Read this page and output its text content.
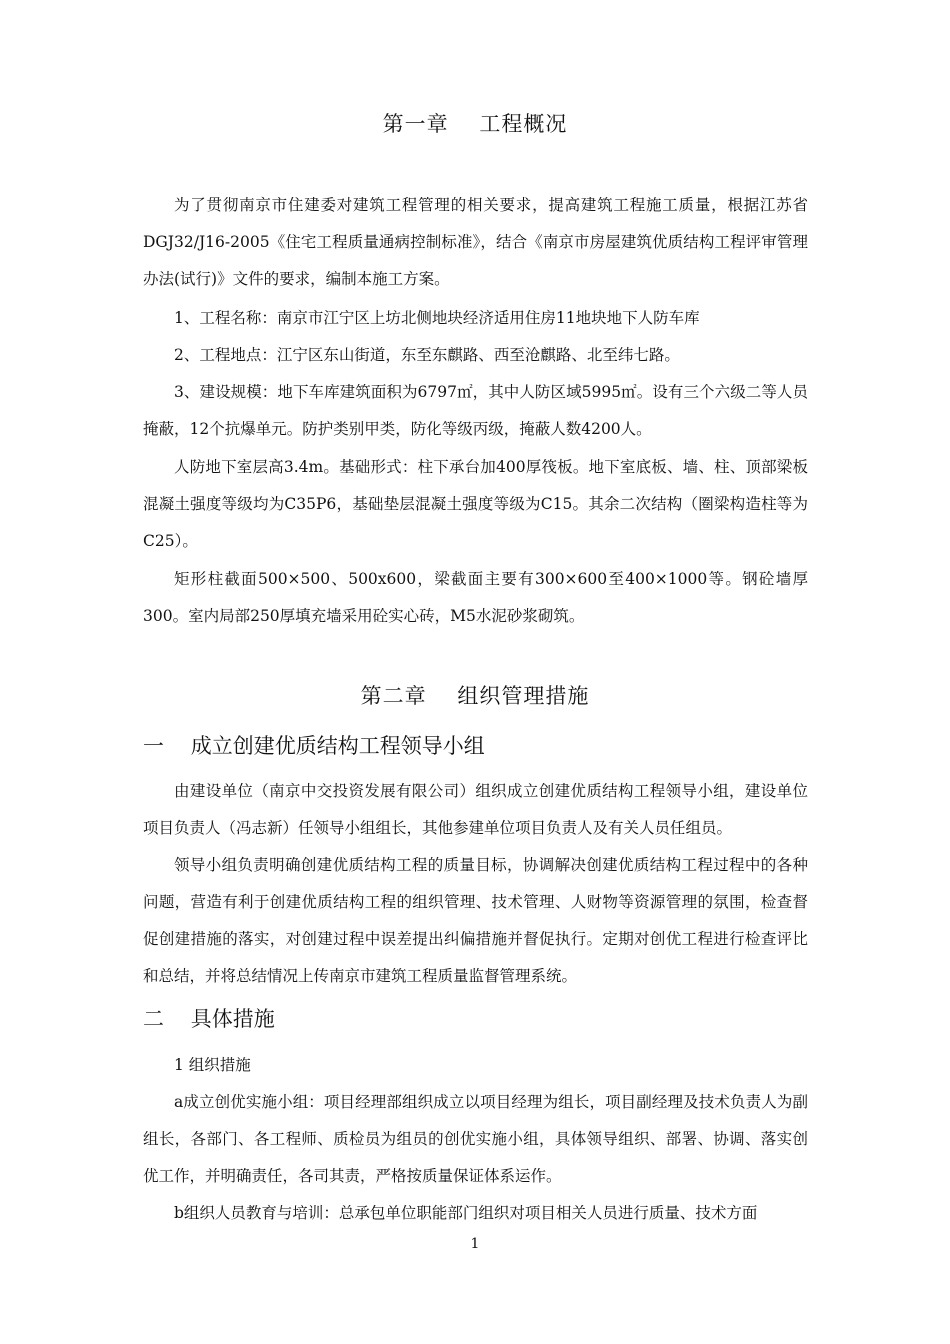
第一章    工程概况
为了贯彻南京市住建委对建筑工程管理的相关要求，提高建筑工程施工质量，根据江苏省DGJ32/J16-2005《住宅工程质量通病控制标准》，结合《南京市房屋建筑优质结构工程评审管理办法(试行)》文件的要求，编制本施工方案。
1、工程名称：南京市江宁区上坊北侧地块经济适用住房11地块地下人防车库
2、工程地点：江宁区东山街道，东至东麒路、西至沧麒路、北至纬七路。
3、建设规模：地下车库建筑面积为6797㎡，其中人防区域5995㎡。设有三个六级二等人员掩蔽，12个抗爆单元。防护类别甲类，防化等级丙级，掩蔽人数4200人。
人防地下室层高3.4m。基础形式：柱下承台加400厚筏板。地下室底板、墙、柱、顶部梁板混凝土强度等级均为C35P6，基础垫层混凝土强度等级为C15。其余二次结构（圈梁构造柱等为C25）。
矩形柱截面500×500、500x600，梁截面主要有300×600至400×1000等。钢砼墙厚300。室内局部250厚填充墙采用砼实心砖，M5水泥砂浆砌筑。
第二章    组织管理措施
一    成立创建优质结构工程领导小组
由建设单位（南京中交投资发展有限公司）组织成立创建优质结构工程领导小组，建设单位项目负责人（冯志新）任领导小组组长，其他参建单位项目负责人及有关人员任组员。
领导小组负责明确创建优质结构工程的质量目标，协调解决创建优质结构工程过程中的各种问题，营造有利于创建优质结构工程的组织管理、技术管理、人财物等资源管理的氛围，检查督促创建措施的落实，对创建过程中误差提出纠偏措施并督促执行。定期对创优工程进行检查评比和总结，并将总结情况上传南京市建筑工程质量监督管理系统。
二    具体措施
1 组织措施
a成立创优实施小组：项目经理部组织成立以项目经理为组长，项目副经理及技术负责人为副组长，各部门、各工程师、质检员为组员的创优实施小组，具体领导组织、部署、协调、落实创优工作，并明确责任，各司其责，严格按质量保证体系运作。
b组织人员教育与培训：总承包单位职能部门组织对项目相关人员进行质量、技术方面
1
